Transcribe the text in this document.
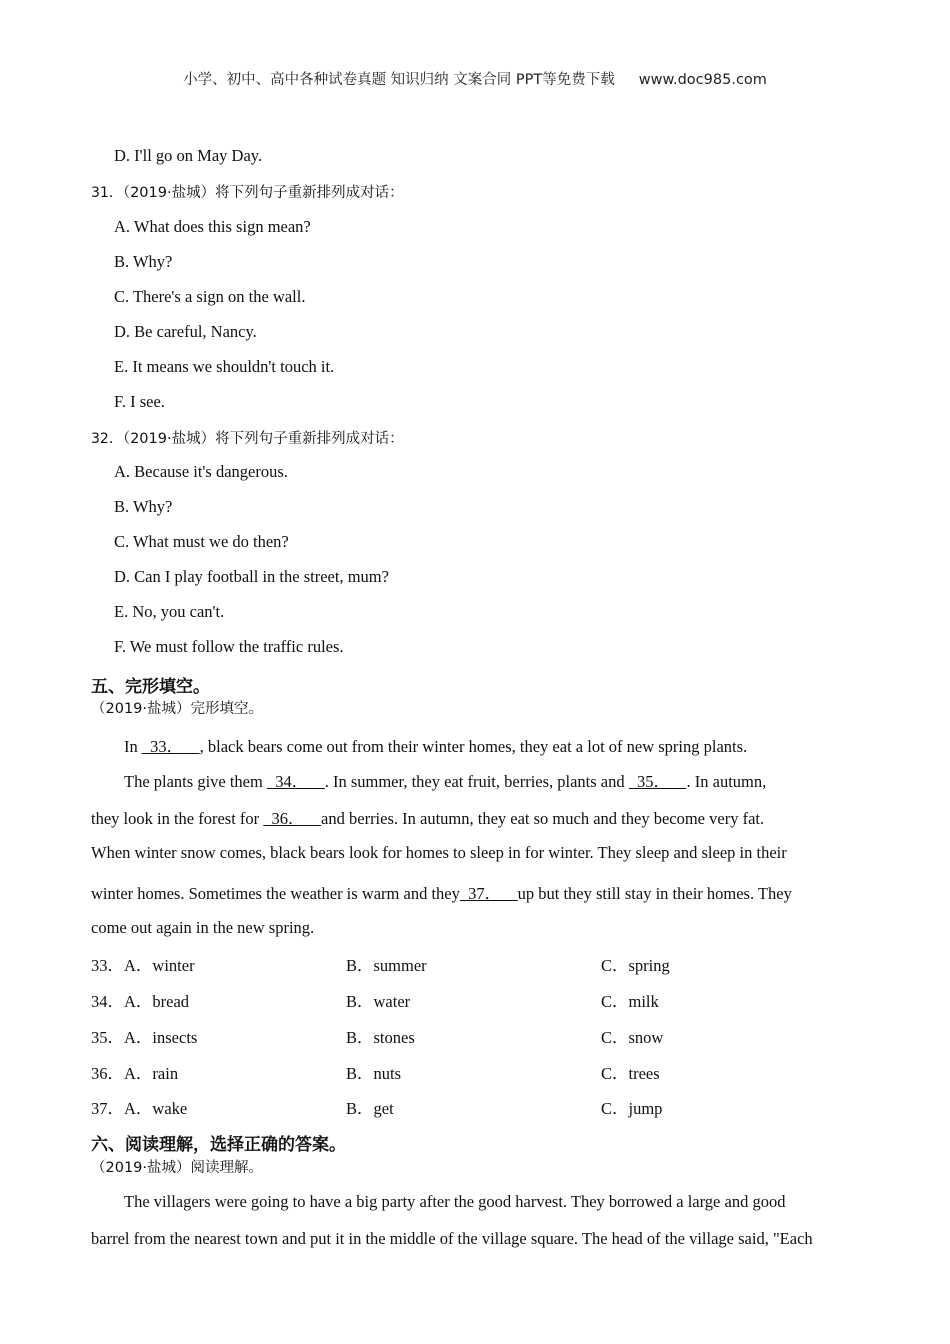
小学、初中、高中各种试卷真题 知识归纳 文案合同 PPT等免费下载 www.doc985.com
D. I'll go on May Day.
31．（2019·盐城）将下列句子重新排列成对话：
A. What does this sign mean?
B. Why?
C. There's a sign on the wall.
D. Be careful, Nancy.
E. It means we shouldn't touch it.
F. I see.
32．（2019·盐城）将下列句子重新排列成对话：
A. Because it's dangerous.
B. Why?
C. What must we do then?
D. Can I play football in the street, mum?
E. No, you can't.
F. We must follow the traffic rules.
五、完形填空。
（2019·盐城）完形填空。
In   33．    , black bears come out from their winter homes, they eat a lot of new spring plants.
The plants give them   34．    . In summer, they eat fruit, berries, plants and   35．    . In autumn,
they look in the forest for   36．    and berries. In autumn, they eat so much and they become very fat.
When winter snow comes, black bears look for homes to sleep in for winter. They sleep and sleep in their
winter homes. Sometimes the weather is warm and they  37．    up but they still stay in their homes. They
come out again in the new spring.
33．A．winter	B．summer	C．spring
34．A．bread	B．water	C．milk
35．A．insects	B．stones	C．snow
36．A．rain	B．nuts	C．trees
37．A．wake	B．get	C．jump
六、阅读理解，选择正确的答案。
（2019·盐城）阅读理解。
The villagers were going to have a big party after the good harvest. They borrowed a large and good
barrel from the nearest town and put it in the middle of the village square. The head of the village said, "Each
